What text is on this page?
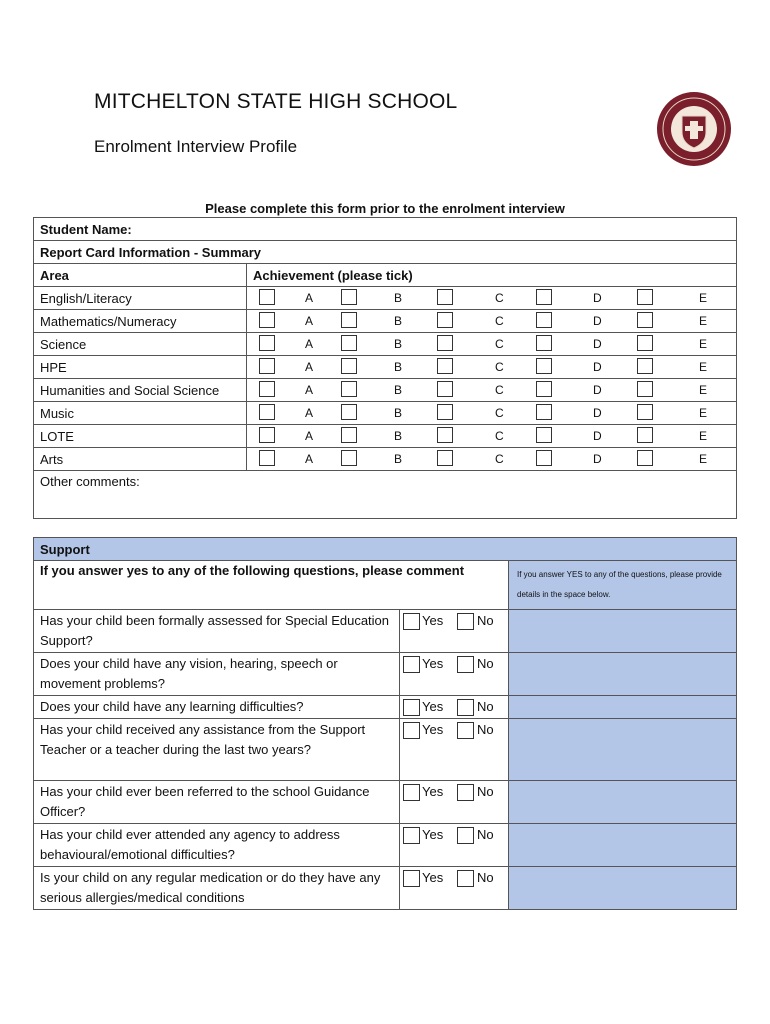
MITCHELTON STATE HIGH SCHOOL
Enrolment Interview Profile
Please complete this form prior to the enrolment interview
Student Name:	
Report Card Information - Summary	
Area	Achievement (please tick)
English/Literacy	A B C D E

Mathematics/Numeracy	A B C D E

Science	A B C D E

HPE	A B C D E

Humanities and Social Science	A B C D E

Music	A B C D E

LOTE	A B C D E

Arts	A B C D E

Other comments:	
Support		
If you answer yes to any of the following questions, please comment		If you answer YES to any of the questions, please provide details in the space below.
Has your child been formally assessed for Special Education Support?	Yes No	

Does your child have any vision, hearing, speech or movement problems?	Yes No	

Does your child have any learning difficulties?	Yes No	

Has your child received any assistance from the Support Teacher or a teacher during the last two years?	Yes No	

Has your child ever been referred to the school Guidance Officer?	Yes No	

Has your child ever attended any agency to address behavioural/emotional difficulties?	Yes No	

Is your child on any regular medication or do they have any serious allergies/medical conditions	Yes No	
